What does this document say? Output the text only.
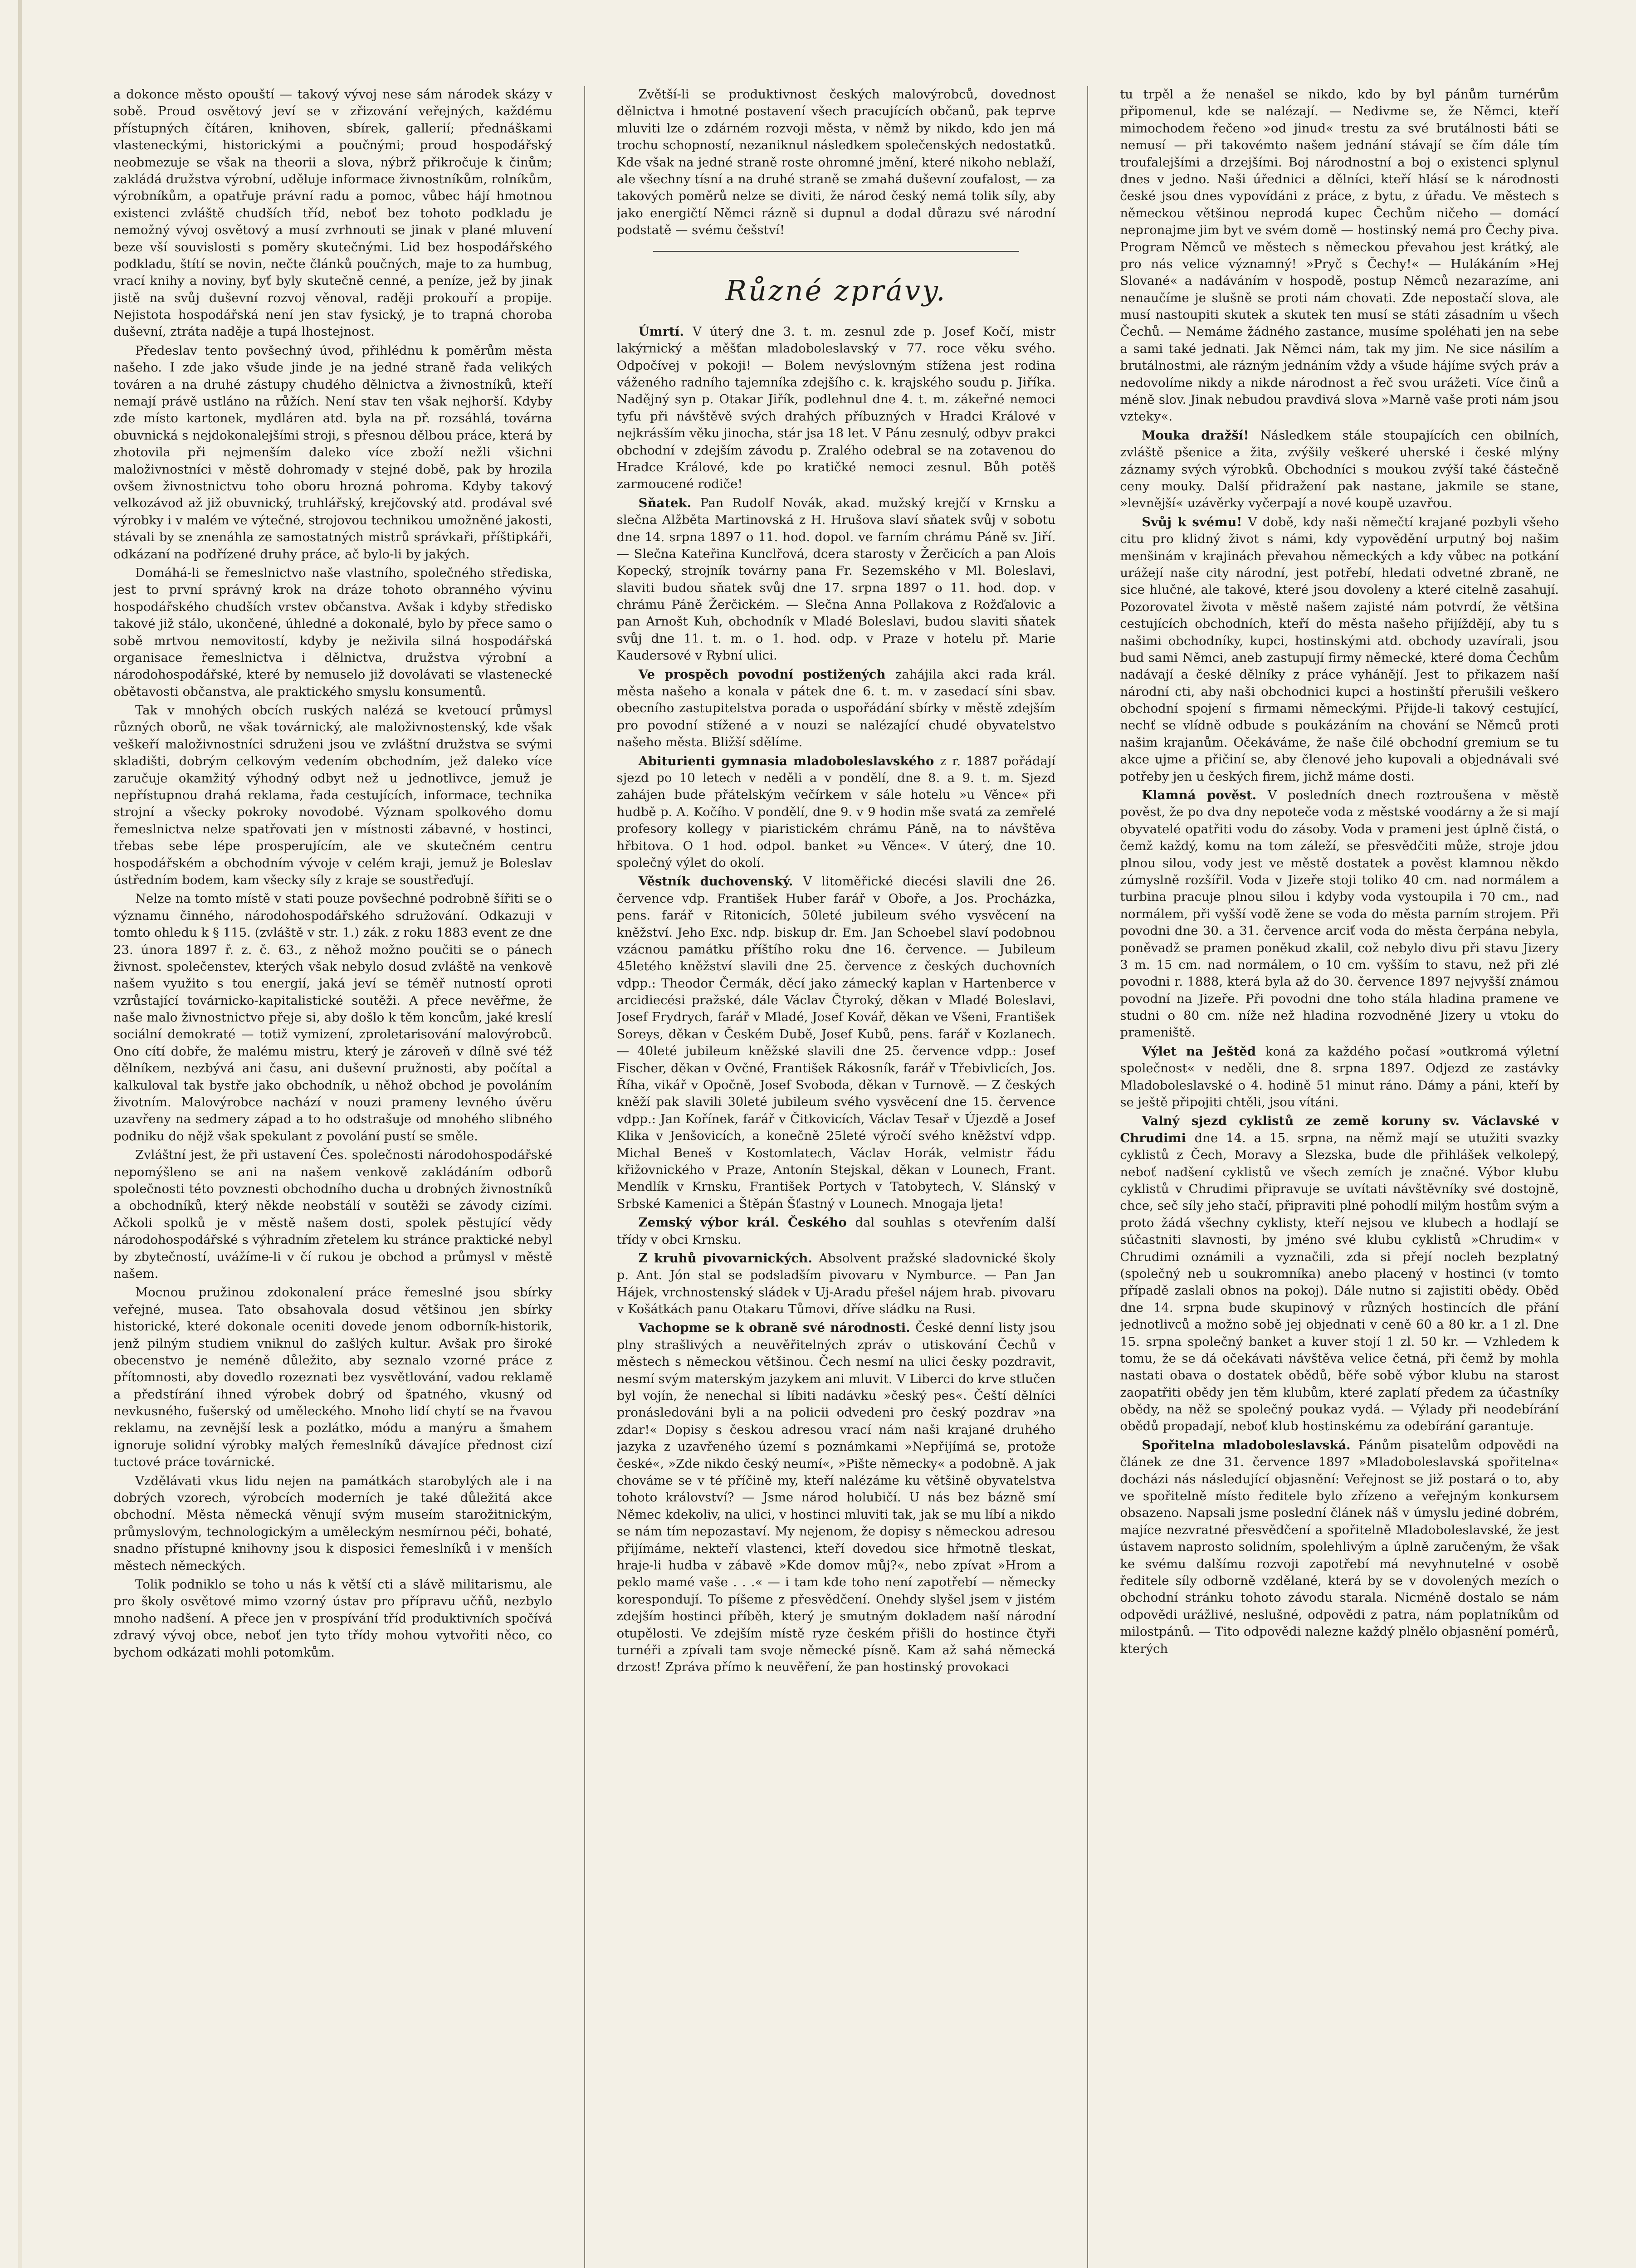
a dokonce město opouští — takový vývoj nese sám národek skázy v sobě. Proud osvětový jeví se v zřizování veřejných, každému přístupných čítáren, knihoven, sbírek, gallerií; přednáškami vlasteneckými, historickými a poučnými; proud hospodářský neobmezuje se však na theorii a slova, nýbrž přikročuje k činům; zakládá družstva výrobní, uděluje informace živnostníkům, rolníkům, výrobníkům, a opatřuje právní radu a pomoc, vůbec hájí hmotnou existenci zvláště chudších tříd, neboť bez tohoto podkladu je nemožný vývoj osvětový a musí zvrhnouti se jinak v plané mluvení beze vší souvislosti s poměry skutečnými. Lid bez hospodářského podkladu, štítí se novin, nečte článků poučných, maje to za humbug, vrací knihy a noviny, byť byly skutečně cenné, a peníze, jež by jinak jistě na svůj duševní rozvoj věnoval, raději prokouří a propije. Nejistota hospodářská není jen stav fysický, je to trapná choroba duševní, ztráta naděje a tupá lhostejnost.

Předeslav tento povšechný úvod, přihlédnu k poměrům města našeho. I zde jako všude jinde je na jedné straně řada velikých továren a na druhé zástupy chudého dělnictva a živnostníků, kteří nemají právě ustláno na růžích. Není stav ten však nejhorší. Kdyby zde místo kartonek, mydláren atd. byla na př. rozsáhlá, továrna obuvnická s nejdokonalejšími stroji, s přesnou dělbou práce, která by zhotovila při nejmenším daleko více zboží nežli všichni maloživnostníci v městě dohromady v stejné době, pak by hrozila ovšem živnostnictvu toho oboru hrozná pohroma. Kdyby takový velkozávod až již obuvnický, truhlářský, krejčovský atd. prodával své výrobky i v malém ve výtečné, strojovou technikou umožněné jakosti, stávali by se znenáhla ze samostatných mistrů správkaři, příštipkáři, odkázaní na podřízené druhy práce, ač bylo-li by jakých.

Domáhá-li se řemeslnictvo naše vlastního, společného střediska, jest to první správný krok na dráze tohoto obranného vývinu hospodářského chudších vrstev občanstva. Avšak i kdyby středisko takové již stálo, ukončené, úhledné a dokonalé, bylo by přece samo o sobě mrtvou nemovitostí, kdyby je neživila silná hospodářská organisace řemeslnictva i dělnictva, družstva výrobní a národohospodářské, které by nemuselo již dovolávati se vlastenecké obětavosti občanstva, ale praktického smyslu konsumentů.

Tak v mnohých obcích ruských nalézá se kvetoucí průmysl různých oborů, ne však továrnický, ale maloživnostenský, kde však veškeří maloživnostníci sdruženi jsou ve zvláštní družstva se svými skladišti, dobrým celkovým vedením obchodním, jež daleko více zaručuje okamžitý výhodný odbyt než u jednotlivce, jemuž je nepřístupnou drahá reklama, řada cestujících, informace, technika strojní a všecky pokroky novodobé. Význam spolkového domu řemeslnictva nelze spatřovati jen v místnosti zábavné, v hostinci, třebas sebe lépe prosperujícím, ale ve skutečném centru hospodářském a obchodním vývoje v celém kraji, jemuž je Boleslav ústředním bodem, kam všecky síly z kraje se soustřeďují.

Nelze na tomto místě v stati pouze povšechné podrobně šířiti se o významu činného, národohospodářského sdružování. Odkazuji v tomto ohledu k § 115. (zvláště v str. 1.) zák. z roku 1883 event ze dne 23. února 1897 ř. z. č. 63., z něhož možno poučiti se o pánech živnost. společenstev, kterých však nebylo dosud zvláště na venkově našem využito s tou energií, jaká jeví se téměř nutností oproti vzrůstající továrnicko-kapitalistické soutěži. A přece nevěřme, že naše malo živnostnictvo přeje si, aby došlo k těm koncům, jaké kreslí sociální demokraté — totiž vymizení, zproletarisování malovýrobců. Ono cítí dobře, že malému mistru, který je zároveň v dílně své též dělníkem, nezbývá ani času, ani duševní pružnosti, aby počítal a kalkuloval tak bystře jako obchodník, u něhož obchod je povoláním životním. Malovýrobce nachází v nouzi prameny levného úvěru uzavřeny na sedmery západ a to ho odstrašuje od mnohého slibného podniku do nějž však spekulant z povolání pustí se směle.

Zvláštní jest, že při ustavení Čes. společnosti národohospodářské nepomýšleno se ani na našem venkově zakládáním odborů společnosti této povznesti obchodního ducha u drobných živnostníků a obchodníků, který někde neobstálí v soutěži se závody cizími. Ačkoli spolků je v městě našem dosti, spolek pěstující vědy národohospodářské s výhradním zřetelem ku stránce praktické nebyl by zbytečností, uvážíme-li v čí rukou je obchod a průmysl v městě našem.

Mocnou pružinou zdokonalení práce řemeslné jsou sbírky veřejné, musea. Tato obsahovala dosud většinou jen sbírky historické, které dokonale oceniti dovede jenom odborník-historik, jenž pilným studiem vniknul do zašlých kultur. Avšak pro široké obecenstvo je neméně důležito, aby seznalo vzorné práce z přítomnosti, aby dovedlo rozeznati bez vysvětlování, vadou reklamě a předstírání ihned výrobek dobrý od špatného, vkusný od nevkusného, fušerský od uměleckého. Mnoho lidí chytí se na řvavou reklamu, na zevnější lesk a pozlátko, módu a manýru a šmahem ignoruje solidní výrobky malých řemeslníků dávajíce přednost cizí tuctové práce továrnické.

Vzdělávati vkus lidu nejen na památkách starobylých ale i na dobrých vzorech, výrobcích moderních je také důležitá akce obchodní. Města německá věnují svým museím starožitnickým, průmyslovým, technologickým a uměleckým nesmírnou péči, bohaté, snadno přístupné knihovny jsou k disposici řemeslníků i v menších městech německých.

Tolik podniklo se toho u nás k větší cti a slávě militarismu, ale pro školy osvětové mimo vzorný ústav pro přípravu učňů, nezbylo mnoho nadšení. A přece jen v prospívání tříd produktivních spočívá zdravý vývoj obce, neboť jen tyto třídy mohou vytvořiti něco, co bychom odkázati mohli potomkům.

Zvětší-li se produktivnost českých malovýrobců, dovednost dělnictva i hmotné postavení všech pracujících občanů, pak teprve mluviti lze o zdárném rozvoji města, v němž by nikdo, kdo jen má trochu schopností, nezaniknul následkem společenských nedostatků. Kde však na jedné straně roste ohromné jmění, které nikoho neblaží, ale všechny tísní a na druhé straně se zmahá duševní zoufalost, — za takových poměrů nelze se diviti, že národ český nemá tolik síly, aby jako energičtí Němci rázně si dupnul a dodal důrazu své národní podstatě — svému češství!

Různé zprávy.

Úmrtí. V úterý dne 3. t. m. zesnul zde p. Josef Kočí, mistr lakýrnický a měšťan mladoboleslavský v 77. roce věku svého. Odpočívej v pokoji! — Bolem nevýslovným stížena jest rodina váženého radního tajemníka zdejšího c. k. krajského soudu p. Jiříka. Nadějný syn p. Otakar Jiřík, podlehnul dne 4. t. m. zákeřné nemoci tyfu při návštěvě svých drahých příbuzných v Hradci Králové v nejkrásším věku jinocha, stár jsa 18 let. V Pánu zesnulý, odbyv prakci obchodní v zdejším závodu p. Zralého odebral se na zotavenou do Hradce Králové, kde po kratičké nemoci zesnul. Bůh potěš zarmoucené rodiče!

Sňatek. Pan Rudolf Novák, akad. mužský krejčí v Krnsku a slečna Alžběta Martinovská z H. Hrušova slaví sňatek svůj v sobotu dne 14. srpna 1897 o 11. hod. dopol. ve farním chrámu Páně sv. Jiří. — Slečna Kateřina Kunclřová, dcera starosty v Žerčicích a pan Alois Kopecký, strojník továrny pana Fr. Sezemského v Ml. Boleslavi, slaviti budou sňatek svůj dne 17. srpna 1897 o 11. hod. dop. v chrámu Páně Žerčickém. — Slečna Anna Pollakova z Rožďalovic a pan Arnošt Kuh, obchodník v Mladé Boleslavi, budou slaviti sňatek svůj dne 11. t. m. o 1. hod. odp. v Praze v hotelu př. Marie Kaudersové v Rybní ulici.

Ve prospěch povodní postižených zahájila akci rada král. města našeho a konala v pátek dne 6. t. m. v zasedací síni sbav. obecního zastupitelstva porada o uspořádání sbírky v městě zdejším pro povodní stížené a v nouzi se nalézající chudé obyvatelstvo našeho města. Bližší sdělíme.

Abiturienti gymnasia mladoboleslavského z r. 1887 pořádají sjezd po 10 letech v neděli a v pondělí, dne 8. a 9. t. m. Sjezd zahájen bude přátelským večírkem v sále hotelu »u Věnce« při hudbě p. A. Kočího. V pondělí, dne 9. v 9 hodin mše svatá za zemřelé profesory kollegy v piaristickém chrámu Páně, na to návštěva hřbitova. O 1 hod. odpol. banket »u Věnce«. V úterý, dne 10. společný výlet do okolí.

Věstník duchovenský. V litoměřické diecési slavili dne 26. července vdp. František Huber farář v Obořе, a Jos. Procházka, pens. farář v Ritonicích, 50leté jubileum svého vysvěcení na kněžství. Jeho Exc. ndp. biskup dr. Em. Jan Schoebel slaví podobnou vzácnou památku příštího roku dne 16. července. — Jubileum 45letého kněžství slavili dne 25. července z českých duchovních vdpp.: Theodor Čermák, děcí jako zámecký kaplan v Hartenberce v arcidiecési pražské, dále Václav Čtyroký, děkan v Mladé Boleslavi, Josef Frydrych, farář v Mladé, Josef Kovář, děkan ve Všeni, František Soreys, děkan v Českém Dubě, Josef Kubů, pens. farář v Kozlanech. — 40leté jubileum kněžské slavili dne 25. července vdpp.: Josef Fischer, děkan v Ovčné, František Rákosník, farář v Třebivlicích, Jos. Říha, vikář v Opočně, Josef Svoboda, děkan v Turnově. — Z českých kněží pak slavili 30leté jubileum svého vysvěcení dne 15. července vdpp.: Jan Kořínek, farář v Čitkovicích, Václav Tesař v Újezdě a Josef Klika v Jenšovicích, a konečně 25leté výročí svého kněžství vdpp. Michal Beneš v Kostomlatech, Václav Horák, velmistr řádu křižovnického v Praze, Antonín Stejskal, děkan v Lounech, Frant. Mendlík v Krnsku, František Portych v Tatobytech, V. Slánský v Srbské Kamenici a Štěpán Šťastný v Lounech. Mnogaja ljeta!

Zemský výbor král. Českého dal souhlas s otevřením další třídy v obci Krnsku.

Z kruhů pivovarnických. Absolvent pražské sladovnické školy p. Ant. Jón stal se podsladším pivovaru v Nymburce. — Pan Jan Hájek, vrchnostenský sládek v Uj-Aradu přešel nájem hrab. pivovaru v Košátkách panu Otakaru Tůmovi, dříve sládku na Rusi.

Vachopme se k obraně své národnosti. České denní listy jsou plny strašlivých a neuvěřitelných zpráv o utiskování Čechů v městech s německou většinou. Čech nesmí na ulici česky pozdravit, nesmí svým materským jazykem ani mluvit. V Liberci do krve stlučen byl vojín, že nenechal si líbiti nadávku »český pes«. Čeští dělníci pronásledováni byli a na policii odvedeni pro český pozdrav »na zdar!« Dopisy s českou adresou vrací nám naši krajané druhého jazyka z uzavřeného území s poznámkami »Nepřijímá se, protože české«, »Zde nikdo český neumí«, »Pište německy« a podobně. A jak chováme se v té příčině my, kteří nalézáme ku většině obyvatelstva tohoto království? — Jsme národ holubičí. U nás bez bázně smí Němec kdekoliv, na ulici, v hostinci mluviti tak, jak se mu líbí a nikdo se nám tím nepozastaví. My nejenom, že dopisy s německou adresou přijímáme, nekteří vlastenci, kteří dovedou sice hřmotně tleskat, hraje-li hudba v zábavě »Kde domov můj?«, nebo zpívat »Hrom a peklo mamé vaše . . .« — i tam kde toho není zapotřebí — německy korespondují. To píšeme z přesvědčení. Onehdy slyšel jsem v jistém zdejším hostinci příběh, který je smutným dokladem naší národní otupělosti. Ve zdejším místě ryze českém přišli do hostince čtyři turnéři a zpívali tam svoje německé písně. Kam až sahá německá drzost! Zpráva přímo k neuvěření, že pan hostinský provokaci

tu trpěl a že nenašel se nikdo, kdo by byl pánům turnérům připomenul, kde se nalézají. — Nedivme se, že Němci, kteří mimochodem řečeno »od jinud« trestu za své brutálnosti báti se nemusí — při takovémto našem jednání stávají se čím dále tím troufalejšími a drzejšími. Boj národnostní a boj o existenci splynul dnes v jedno. Naši úřednici a dělníci, kteří hlásí se k národnosti české jsou dnes vypovídáni z práce, z bytu, z úřadu. Ve městech s německou většinou neprodá kupec Čechům ničeho — domácí nepronajme jim byt ve svém domě — hostinský nemá pro Čechy piva. Program Němců ve městech s německou převahou jest krátký, ale pro nás velice významný! »Pryč s Čechy!« — Hulákáním »Hej Slované« a nadáváním v hospodě, postup Němců nezarazíme, ani nenaučíme je slušně se proti nám chovati. Zde nepostačí slova, ale musí nastoupiti skutek a skutek ten musí se státi zásadním u všech Čechů. — Nemáme žádného zastance, musíme spoléhati jen na sebe a sami také jednati. Jak Němci nám, tak my jim. Ne sice násilím a brutálnostmi, ale rázným jednáním vždy a všude hájíme svých práv a nedovolíme nikdy a nikde národnost a řeč svou urážeti. Více činů a méně slov. Jinak nebudou pravdivá slova »Marně vaše proti nám jsou vztekу«.

Mouka dražší! Následkem stále stoupajících cen obilních, zvláště pšenice a žita, zvýšily veškeré uherské i české mlýny záznamy svých výrobků. Obchodníci s moukou zvýší také částečně ceny mouky. Další přidražení pak nastane, jakmile se stane, »levnější« uzávěrky vyčerpají a nové koupě uzavřou.

Svůj k svému! V době, kdy naši němečtí krajané pozbyli všeho citu pro klidný život s námi, kdy vypovědění urputný boj našim menšinám v krajinách převahou německých a kdy vůbec na potkání urážejí naše city národní, jest potřebí, hledati odvetné zbraně, ne sice hlučné, ale takové, které jsou dovoleny a které citelně zasahují. Pozorovatel života v městě našem zajisté nám potvrdí, že většina cestujících obchodních, kteří do města našeho přijíždějí, aby tu s našimi obchodníky, kupci, hostinskými atd. obchody uzavírali, jsou bud sami Němci, aneb zastupují firmy německé, které doma Čechům nadávají a české dělníky z práce vyhánějí. Jest to přikazem naší národní cti, aby naši obchodnici kupci a hostinští přerušili veškero obchodní spojení s firmami německými. Přijde-li takový cestující, nechť se vlídně odbude s poukázáním na chování se Němců proti našim krajanům. Očekáváme, že naše čilé obchodní gremium se tu akce ujme a přičiní se, aby členové jeho kupovali a objednávali své potřeby jen u českých firem, jichž máme dosti.

Klamná pověst. V posledních dnech roztroušena v městě pověst, že po dva dny nepoteče voda z městské voodárny a že si mají obyvatelé opatřiti vodu do zásoby. Voda v prameni jest úplně čistá, o čemž každý, komu na tom záleží, se přesvědčiti může, stroje jdou plnou silou, vody jest ve městě dostatek a pověst klamnou někdo zúmyslně rozšířil. Voda v Jizeře stoji toliko 40 cm. nad normálem a turbina pracuje plnou silou i kdyby voda vystoupila i 70 cm., nad normálem, při vyšší vodě žene se voda do města parním strojem. Při povodni dne 30. a 31. července arciť voda do města čerpána nebyla, poněvadž se pramen poněkud zkalil, což nebylo divu při stavu Jizery 3 m. 15 cm. nad normálem, o 10 cm. vyšším to stavu, než při zlé povodni r. 1888, která byla až do 30. července 1897 nejvyšší známou povodní na Jizeře. Při povodni dne toho stála hladina pramene ve studni o 80 cm. níže než hladina rozvodněné Jizery u vtoku do prameniště.

Výlet na Ještěd koná za každého počasí »outkromá výletní společnost« v neděli, dne 8. srpna 1897. Odjezd ze zastávky Mladoboleslavské o 4. hodině 51 minut ráno. Dámy a páni, kteří by se ještě připojiti chtěli, jsou vítáni.

Valný sjezd cyklistů ze země koruny sv. Václavské v Chrudimi dne 14. a 15. srpna, na němž mají se utužiti svazky cyklistů z Čech, Moravy a Slezska, bude dle přihlášek velkolepý, neboť nadšení cyklistů ve všech zemích je značné. Výbor klubu cyklistů v Chrudimi připravuje se uvítati návštěvníky své dostojně, chce, seč síly jeho stačí, připraviti plné pohodlí milým hostům svým a proto žádá všechny cyklisty, kteří nejsou ve klubech a hodlají se súčastniti slavnosti, by jménо své klubu cyklistů »Chrudim« v Chrudimi oznámili a vyznačili, zda si přejí nocleh bezplatný (společný neb u soukromníka) anebo placený v hostinci (v tomto případě zaslali obnos na pokoj). Dále nutno si zajistiti obědy. Oběd dne 14. srpna bude skupinový v různých hostincích dle přání jednotlivců a možno sobě jej objednati v ceně 60 a 80 kr. a 1 zl. Dne 15. srpna společný banket a kuver stojí 1 zl. 50 kr. — Vzhledem k tomu, že se dá očekávati návštěva velice četná, při čemž by mohla nastati obava o dostatek obědů, běře sobě výbor klubu na starost zaopatřiti obědy jen těm klubům, které zaplatí předem za účastníky obědy, na něž se společný poukaz vydá. — Výlady při neodebírání obědů propadají, neboť klub hostinskému za odebírání garantuje.

Spořitelna mladoboleslavská. Pánům pisatelům odpovědi na článek ze dne 31. července 1897 »Mladoboleslavská spořitelna« docházi nás následující objasnění: Veřejnost se již postará o to, aby ve spořitelně místo ředitele bylo zřízeno a veřejným konkursem obsazeno. Napsali jsme poslední článek náš v úmyslu jediné dobrém, majíce nezvratné přesvědčení a spořitelně Mladoboleslavské, že jest ústavem naprosto solidním, spolehlivým a úplně zaručeným, že však ke svému dalšímu rozvoji zapotřebí má nevyhnutelné v osobě ředitele síly odborně vzdělané, která by se v dovolených mezích o obchodní stránku tohoto závodu starala. Nicméně dostalo se nám odpovědi urážlivé, neslušné, odpovědi z patra, nám poplatníkům od milostpánů. — Tito odpovědi nalezne každý plnělo objasnění pomérů, kterých
